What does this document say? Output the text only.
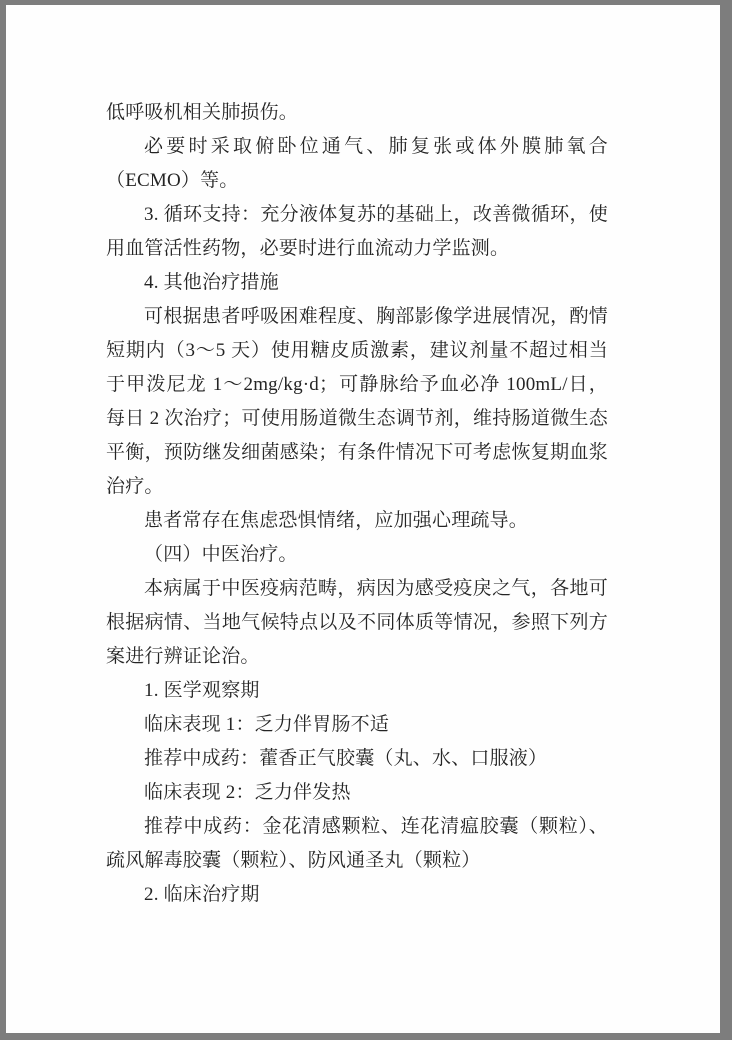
低呼吸机相关肺损伤。

必要时采取俯卧位通气、肺复张或体外膜肺氧合（ECMO）等。

3. 循环支持：充分液体复苏的基础上，改善微循环，使用血管活性药物，必要时进行血流动力学监测。

4. 其他治疗措施

可根据患者呼吸困难程度、胸部影像学进展情况，酌情短期内（3～5 天）使用糖皮质激素，建议剂量不超过相当于甲泼尼龙 1～2mg/kg·d；可静脉给予血必净 100mL/日，每日 2 次治疗；可使用肠道微生态调节剂，维持肠道微生态平衡，预防继发细菌感染；有条件情况下可考虑恢复期血浆治疗。

患者常存在焦虑恐惧情绪，应加强心理疏导。

（四）中医治疗。

本病属于中医疫病范畴，病因为感受疫戾之气，各地可根据病情、当地气候特点以及不同体质等情况，参照下列方案进行辨证论治。

1. 医学观察期

临床表现 1：乏力伴胃肠不适

推荐中成药：藿香正气胶囊（丸、水、口服液）

临床表现 2：乏力伴发热

推荐中成药：金花清感颗粒、连花清瘟胶囊（颗粒）、疏风解毒胶囊（颗粒）、防风通圣丸（颗粒）

2. 临床治疗期
